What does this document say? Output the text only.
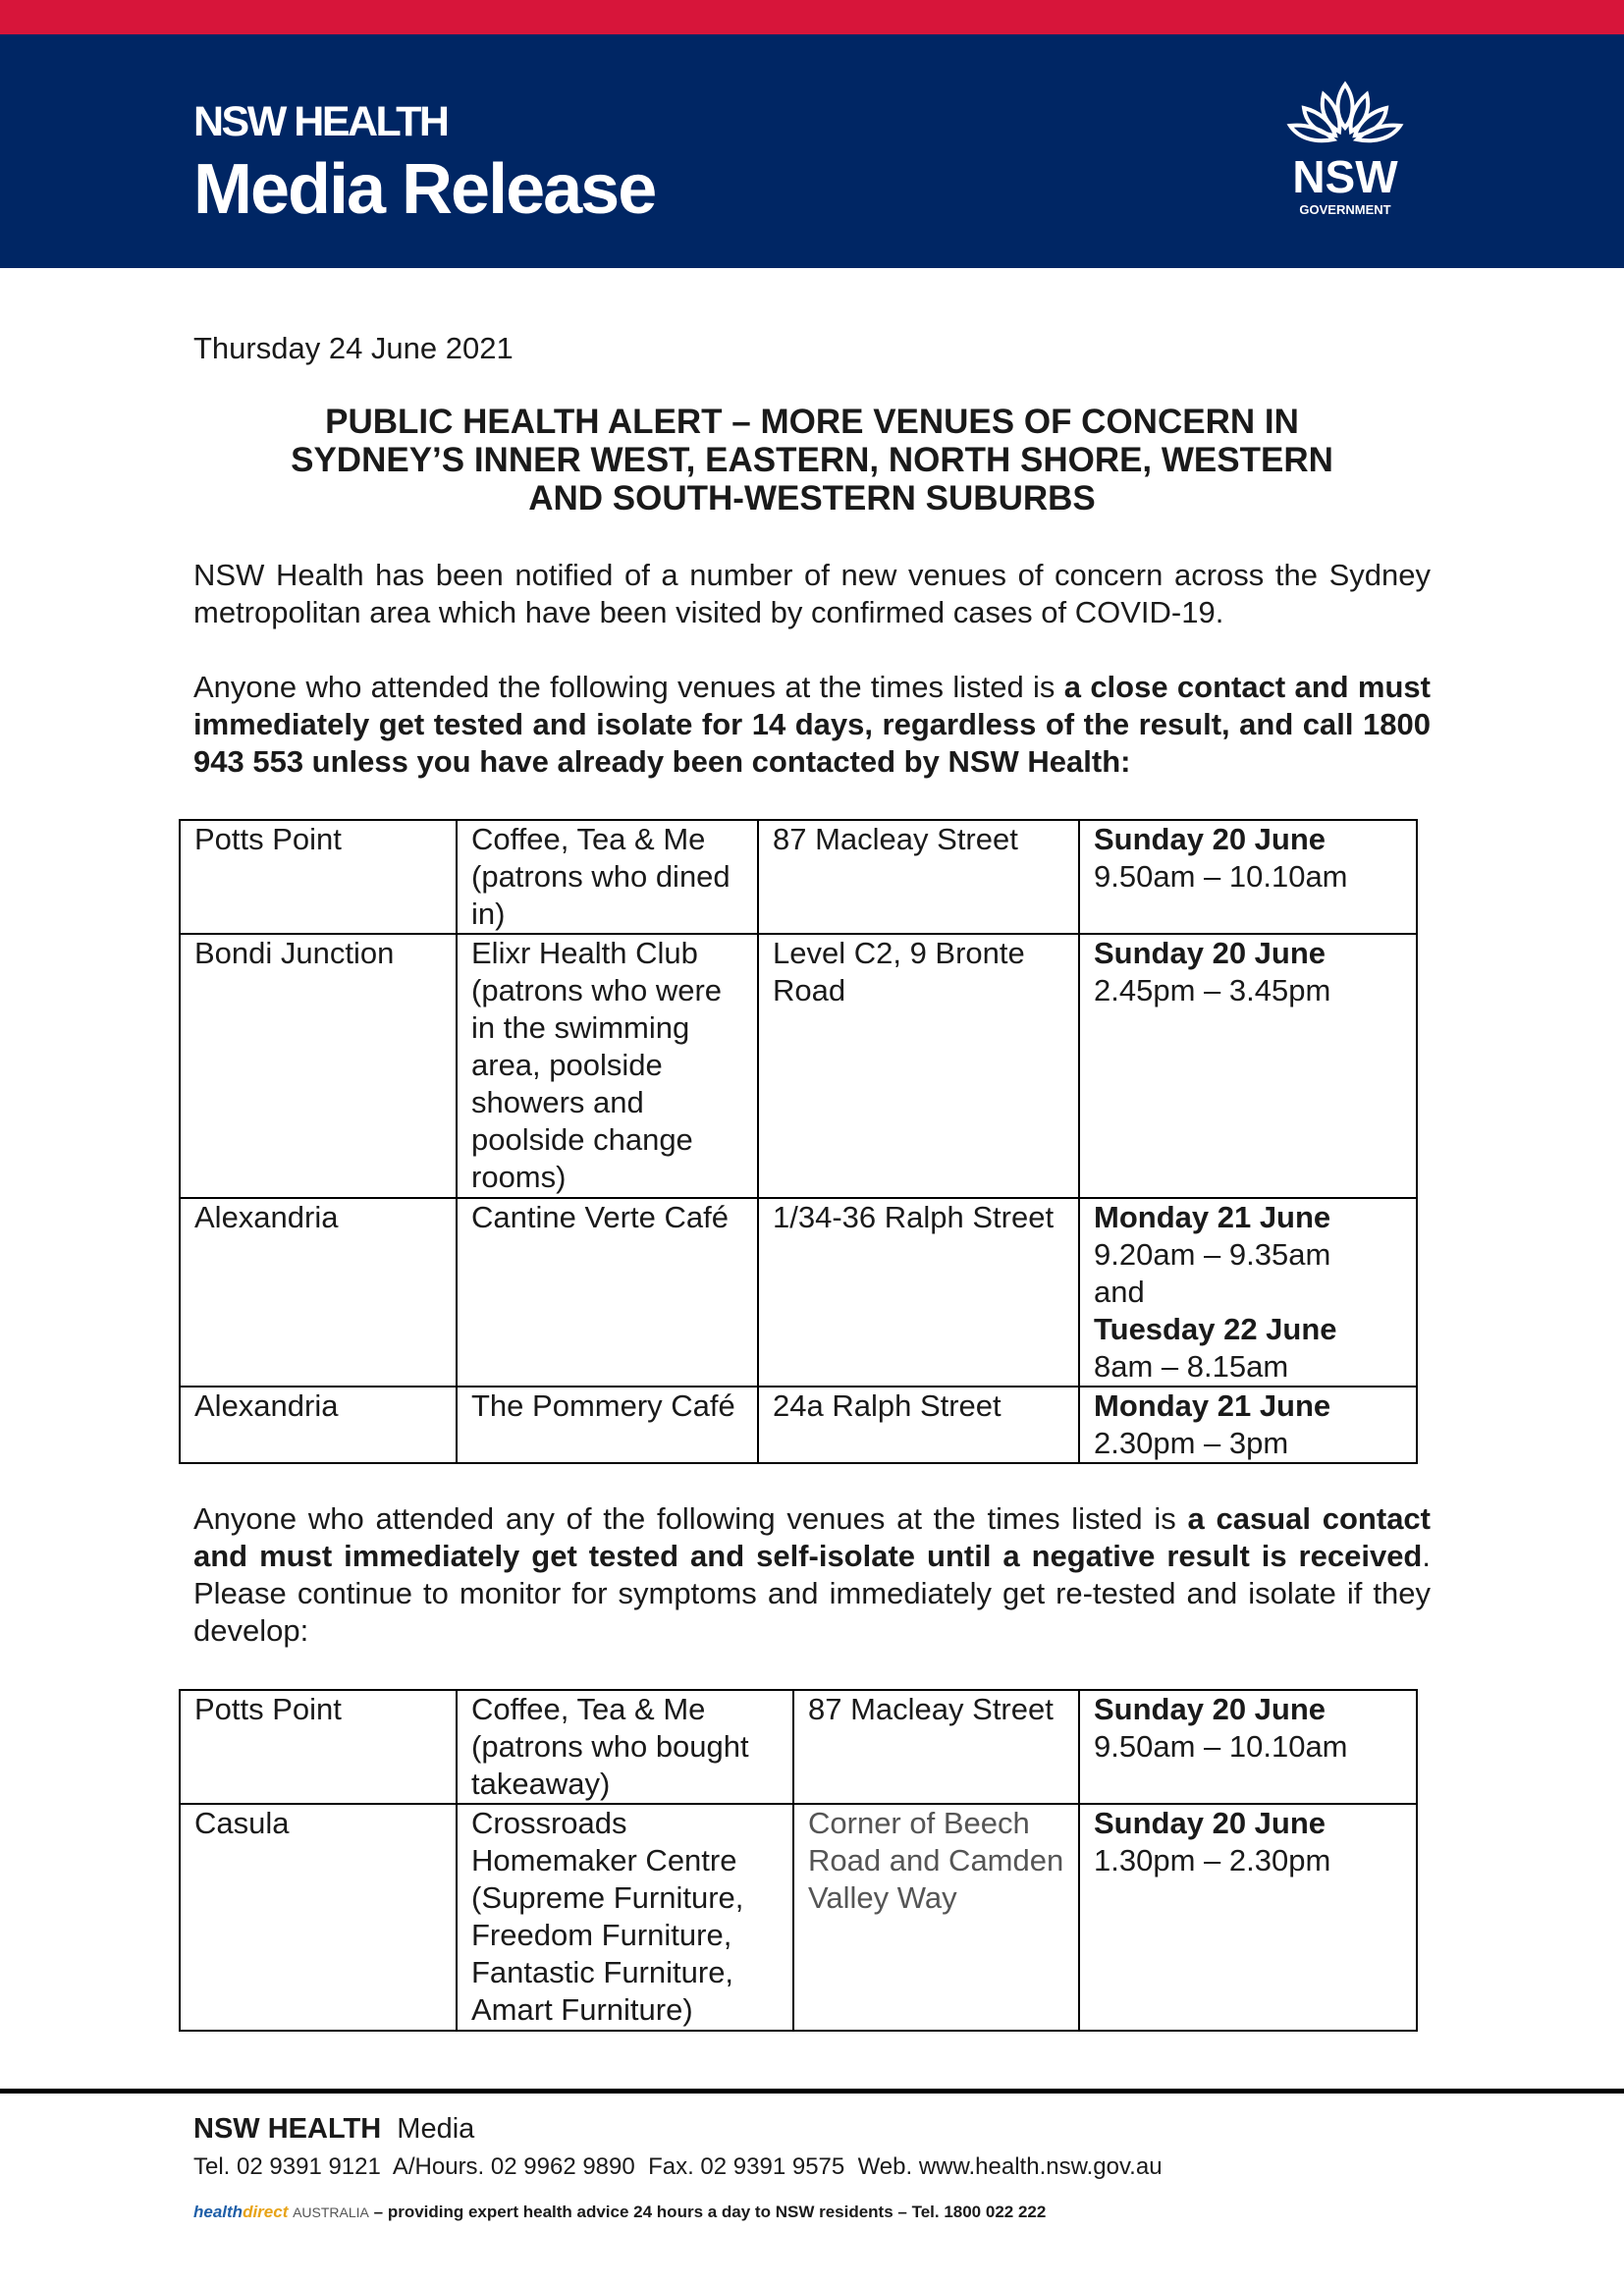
NSW HEALTH
Media Release	NSW
GOVERNMENT
Thursday 24 June 2021
PUBLIC HEALTH ALERT – MORE VENUES OF CONCERN IN
SYDNEY’S INNER WEST, EASTERN, NORTH SHORE, WESTERN
AND SOUTH-WESTERN SUBURBS
NSW Health has been notified of a number of new venues of concern across the Sydney metropolitan area which have been visited by confirmed cases of COVID-19.
Anyone who attended the following venues at the times listed is a close contact and must immediately get tested and isolate for 14 days, regardless of the result, and call 1800 943 553 unless you have already been contacted by NSW Health:
Potts Point	Coffee, Tea & Me (patrons who dined in)	87 Macleay Street	Sunday 20 June
9.50am – 10.10am

Bondi Junction	Elixr Health Club (patrons who were in the swimming area, poolside showers and poolside change rooms)	Level C2, 9 Bronte Road	Sunday 20 June
2.45pm – 3.45pm

Alexandria	Cantine Verte Café	1/34-36 Ralph Street	Monday 21 June
9.20am – 9.35am
and
Tuesday 22 June
8am – 8.15am

Alexandria	The Pommery Café	24a Ralph Street	Monday 21 June
2.30pm – 3pm
Anyone who attended any of the following venues at the times listed is a casual contact and must immediately get tested and self-isolate until a negative result is received. Please continue to monitor for symptoms and immediately get re-tested and isolate if they develop:
Potts Point	Coffee, Tea & Me (patrons who bought takeaway)	87 Macleay Street	Sunday 20 June
9.50am – 10.10am

Casula	Crossroads Homemaker Centre (Supreme Furniture, Freedom Furniture, Fantastic Furniture, Amart Furniture)	Corner of Beech Road and Camden Valley Way	Sunday 20 June
1.30pm – 2.30pm
NSW HEALTH Media
Tel. 02 9391 9121 A/Hours. 02 9962 9890 Fax. 02 9391 9575 Web. www.health.nsw.gov.au
healthdirect AUSTRALIA – providing expert health advice 24 hours a day to NSW residents – Tel. 1800 022 222
